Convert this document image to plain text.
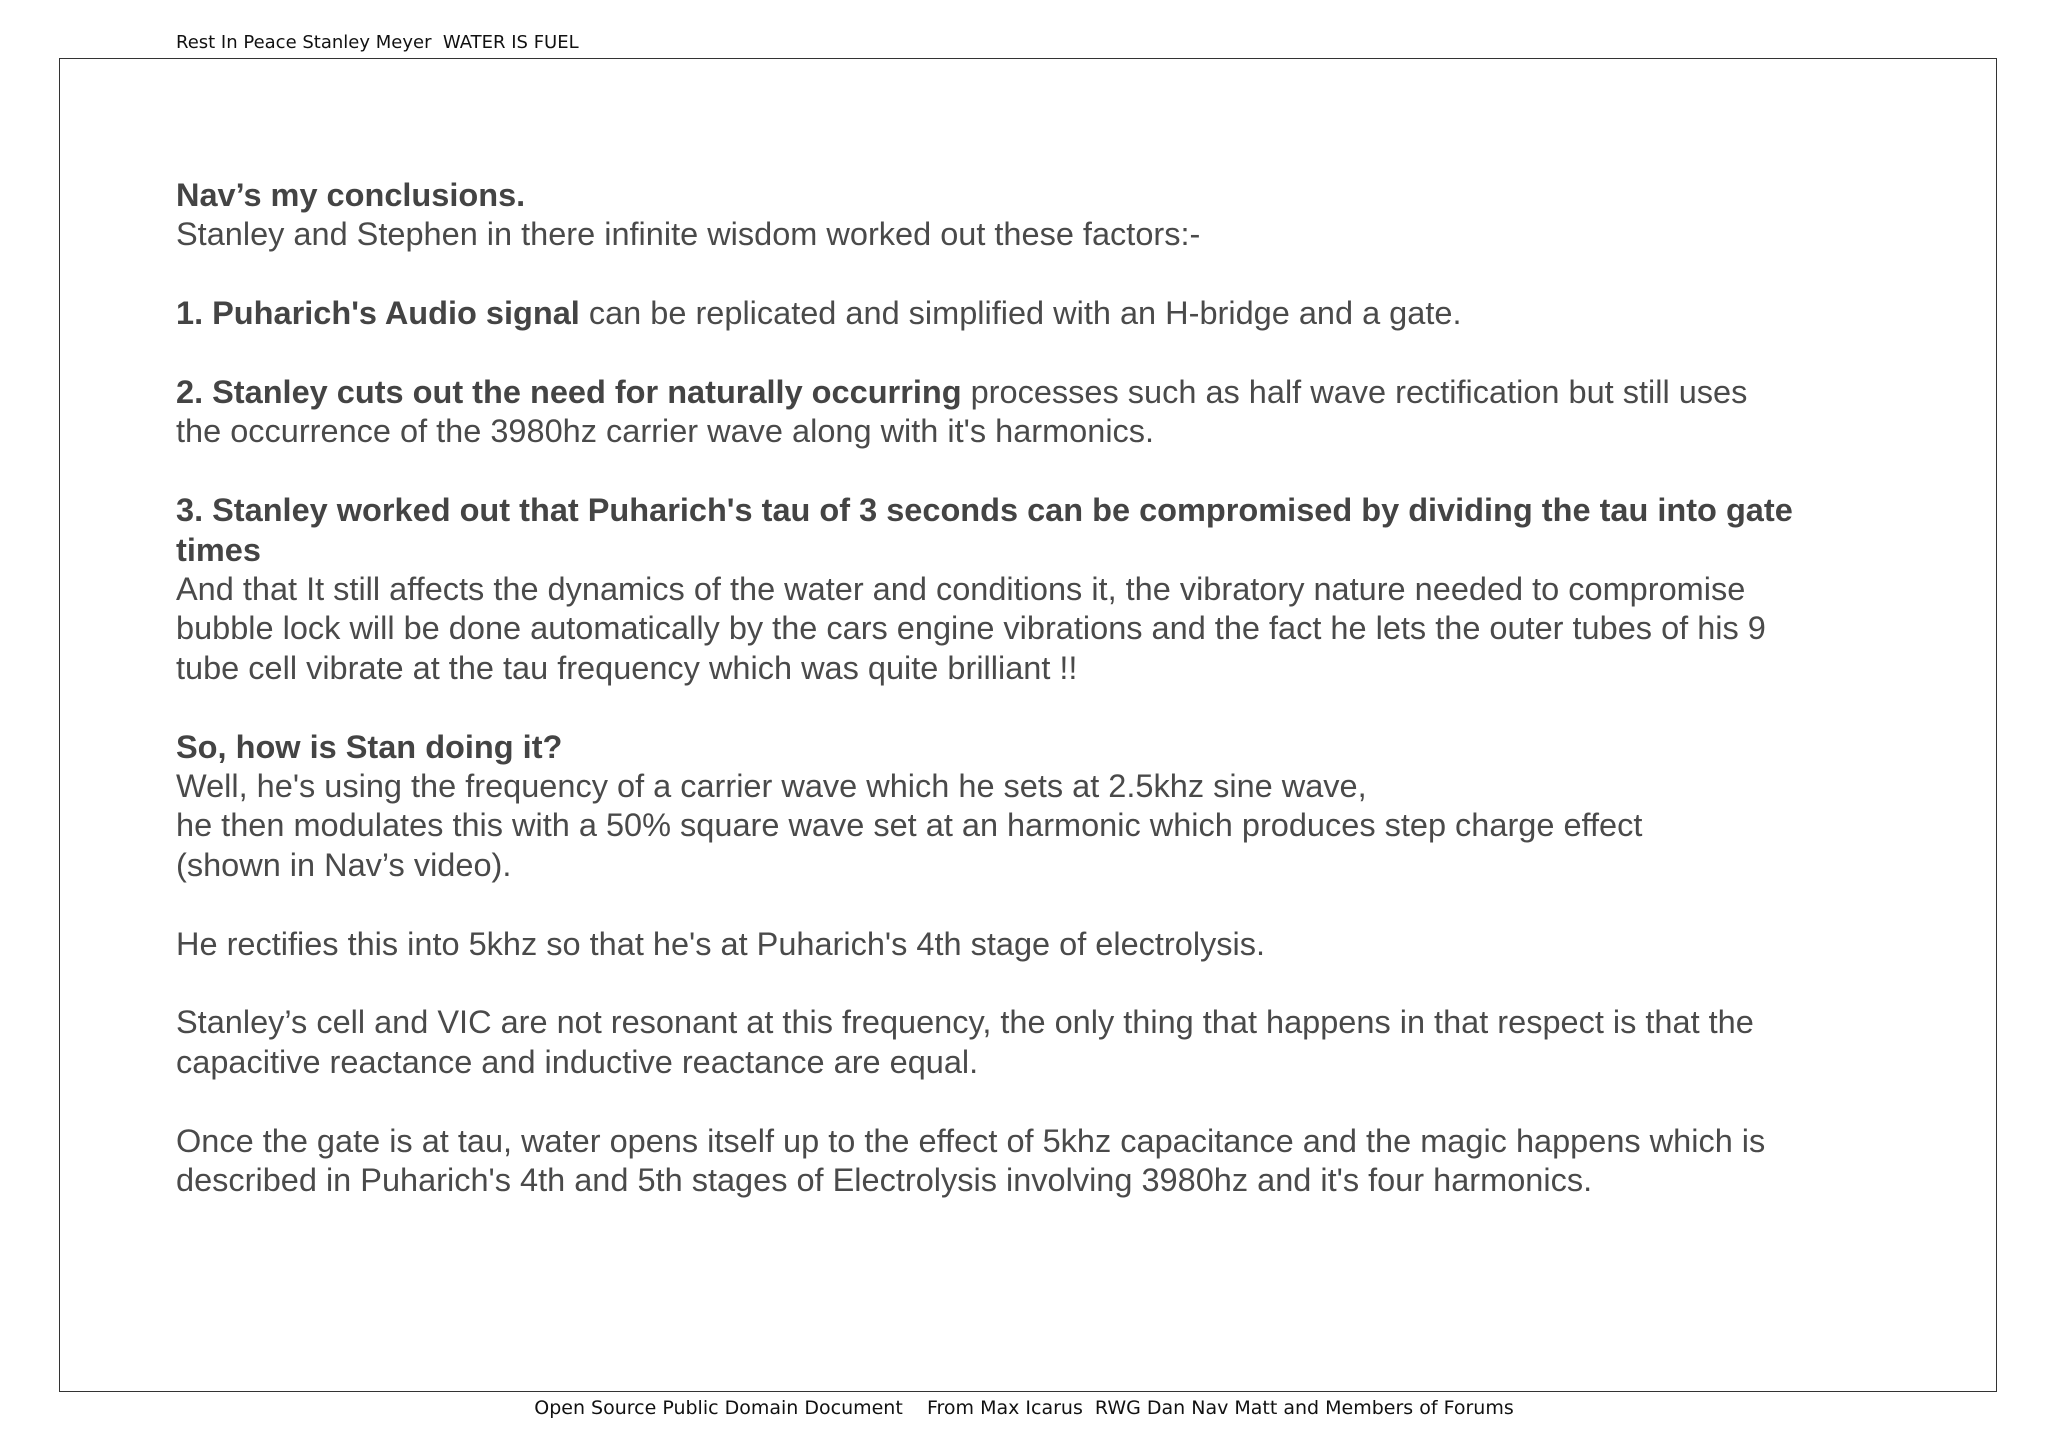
Rest In Peace Stanley Meyer  WATER IS FUEL

Nav’s my conclusions.
Stanley and Stephen in there infinite wisdom worked out these factors:-

1. Puharich's Audio signal can be replicated and simplified with an H-bridge and a gate.

2. Stanley cuts out the need for naturally occurring processes such as half wave rectification but still uses
the occurrence of the 3980hz carrier wave along with it's harmonics.

3. Stanley worked out that Puharich's tau of 3 seconds can be compromised by dividing the tau into gate
times
And that It still affects the dynamics of the water and conditions it, the vibratory nature needed to compromise
bubble lock will be done automatically by the cars engine vibrations and the fact he lets the outer tubes of his 9
tube cell vibrate at the tau frequency which was quite brilliant !!

So, how is Stan doing it?
Well, he's using the frequency of a carrier wave which he sets at 2.5khz sine wave,
he then modulates this with a 50% square wave set at an harmonic which produces step charge effect
(shown in Nav’s video).

He rectifies this into 5khz so that he's at Puharich's 4th stage of electrolysis.

Stanley’s cell and VIC are not resonant at this frequency, the only thing that happens in that respect is that the
capacitive reactance and inductive reactance are equal.

Once the gate is at tau, water opens itself up to the effect of 5khz capacitance and the magic happens which is
described in Puharich's 4th and 5th stages of Electrolysis involving 3980hz and it's four harmonics.

Open Source Public Domain Document    From Max Icarus  RWG Dan Nav Matt and Members of Forums
